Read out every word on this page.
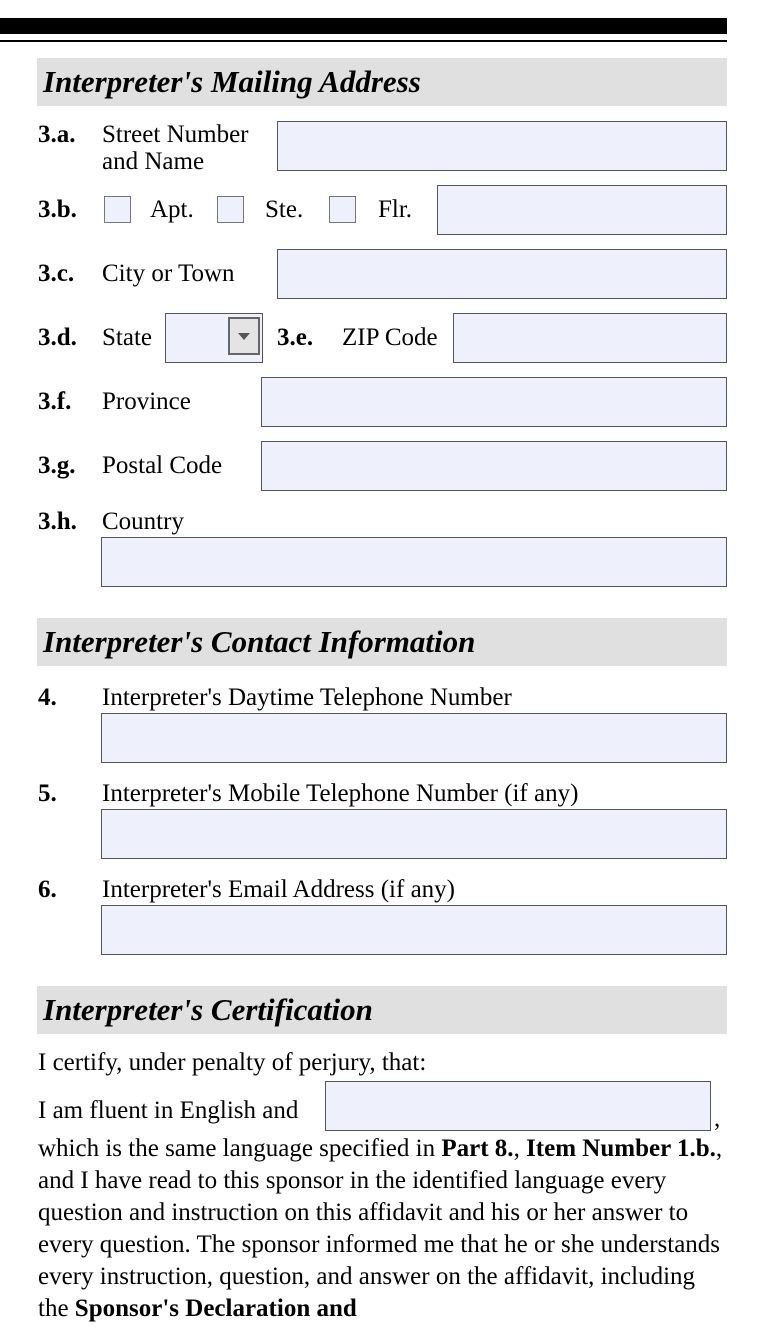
Interpreter's Mailing Address
3.a. Street Number
and Name
3.b.	Apt.	Ste.	Flr.
3.c. City or Town
3.d. State	3.e. ZIP Code
3.f. Province
3.g. Postal Code
3.h. Country
Interpreter's Contact Information
4. Interpreter's Daytime Telephone Number
5. Interpreter's Mobile Telephone Number (if any)
6. Interpreter's Email Address (if any)
Interpreter's Certification
I certify, under penalty of perjury, that:
I am fluent in English and	,
which is the same language specified in Part 8., Item Number 1.b., and I have read to this sponsor in the identified language every question and instruction on this affidavit and his or her answer to every question. The sponsor informed me that he or she understands every instruction, question, and answer on the affidavit, including the Sponsor's Declaration and
